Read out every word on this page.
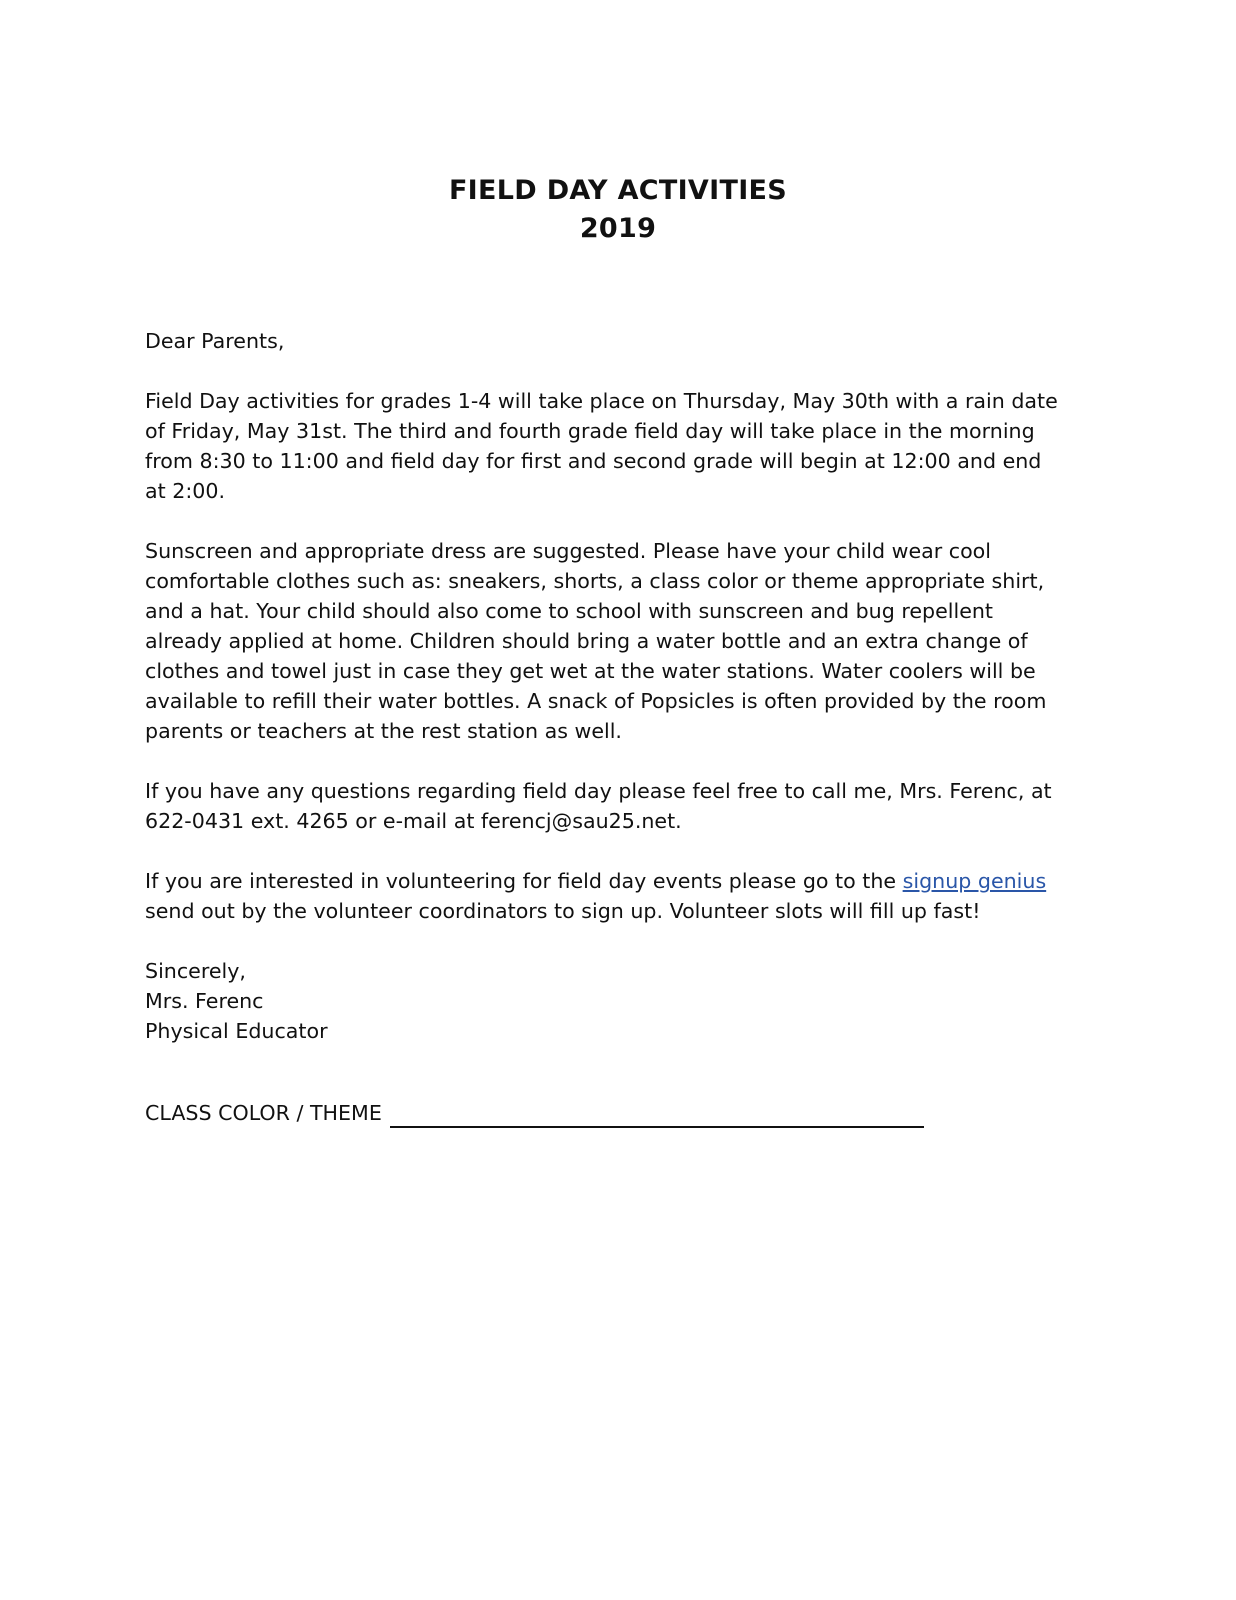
FIELD DAY ACTIVITIES
2019

Dear Parents,

Field Day activities for grades 1-4 will take place on Thursday, May 30th with a rain date of Friday, May 31st. The third and fourth grade field day will take place in the morning from 8:30 to 11:00 and field day for first and second grade will begin at 12:00 and end at 2:00.

Sunscreen and appropriate dress are suggested. Please have your child wear cool comfortable clothes such as: sneakers, shorts, a class color or theme appropriate shirt, and a hat. Your child should also come to school with sunscreen and bug repellent already applied at home. Children should bring a water bottle and an extra change of clothes and towel just in case they get wet at the water stations. Water coolers will be available to refill their water bottles. A snack of Popsicles is often provided by the room parents or teachers at the rest station as well.

If you have any questions regarding field day please feel free to call me, Mrs. Ferenc, at 622-0431 ext. 4265 or e-mail at ferencj@sau25.net.

If you are interested in volunteering for field day events please go to the signup genius send out by the volunteer coordinators to sign up. Volunteer slots will fill up fast!

Sincerely,
Mrs. Ferenc
Physical Educator

CLASS COLOR / THEME
